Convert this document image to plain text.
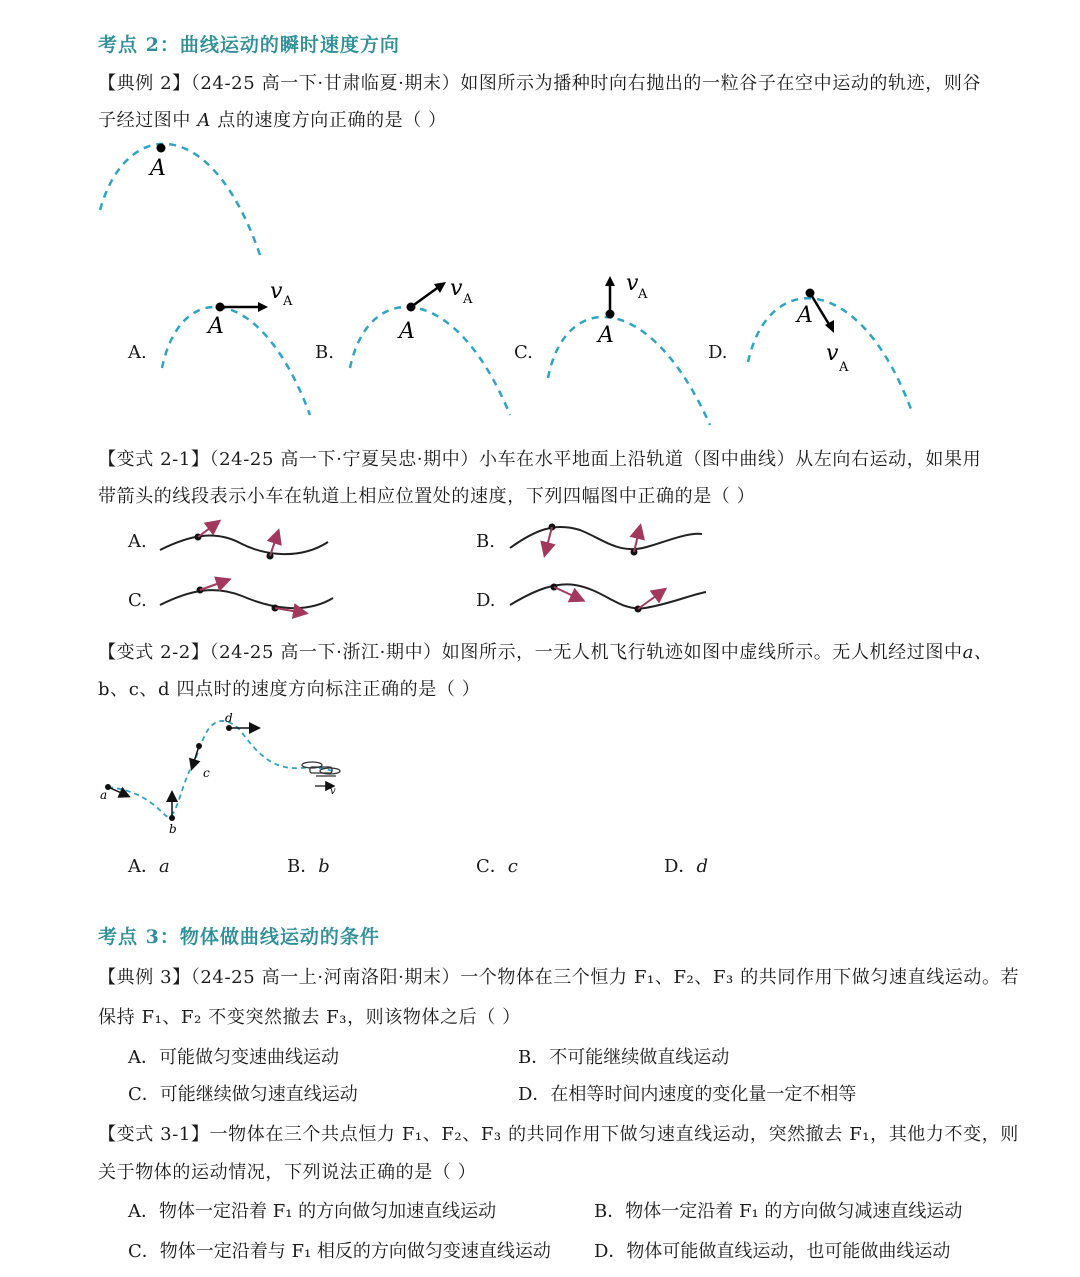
考点 2：曲线运动的瞬时速度方向
【典例 2】（24-25 高一下·甘肃临夏·期末）如图所示为播种时向右抛出的一粒谷子在空中运动的轨迹，则谷
子经过图中 A 点的速度方向正确的是（ ）
A
A
v A
A
v A
A
v A
A
v
A
A.	B.	C.	D.
【变式 2-1】（24-25 高一下·宁夏吴忠·期中）小车在水平地面上沿轨道（图中曲线）从左向右运动，如果用
带箭头的线段表示小车在轨道上相应位置处的速度，下列四幅图中正确的是（ ）
A.	B.
C.	D.
【变式 2-2】（24-25 高一下·浙江·期中）如图所示，一无人机飞行轨迹如图中虚线所示。无人机经过图中a、
b、c、d 四点时的速度方向标注正确的是（ ）
a
b
c
d
v
A．a	B．b	C．c	D．d
考点 3：物体做曲线运动的条件
【典例 3】（24-25 高一上·河南洛阳·期末）一个物体在三个恒力 F₁、F₂、F₃ 的共同作用下做匀速直线运动。若
保持 F₁、F₂ 不变突然撤去 F₃，则该物体之后（ ）
A．可能做匀变速曲线运动	B．不可能继续做直线运动
C．可能继续做匀速直线运动	D．在相等时间内速度的变化量一定不相等
【变式 3-1】一物体在三个共点恒力 F₁、F₂、F₃ 的共同作用下做匀速直线运动，突然撤去 F₁，其他力不变，则
关于物体的运动情况，下列说法正确的是（ ）
A．物体一定沿着 F₁ 的方向做匀加速直线运动	B．物体一定沿着 F₁ 的方向做匀减速直线运动
C．物体一定沿着与 F₁ 相反的方向做匀变速直线运动 D．物体可能做直线运动，也可能做曲线运动
